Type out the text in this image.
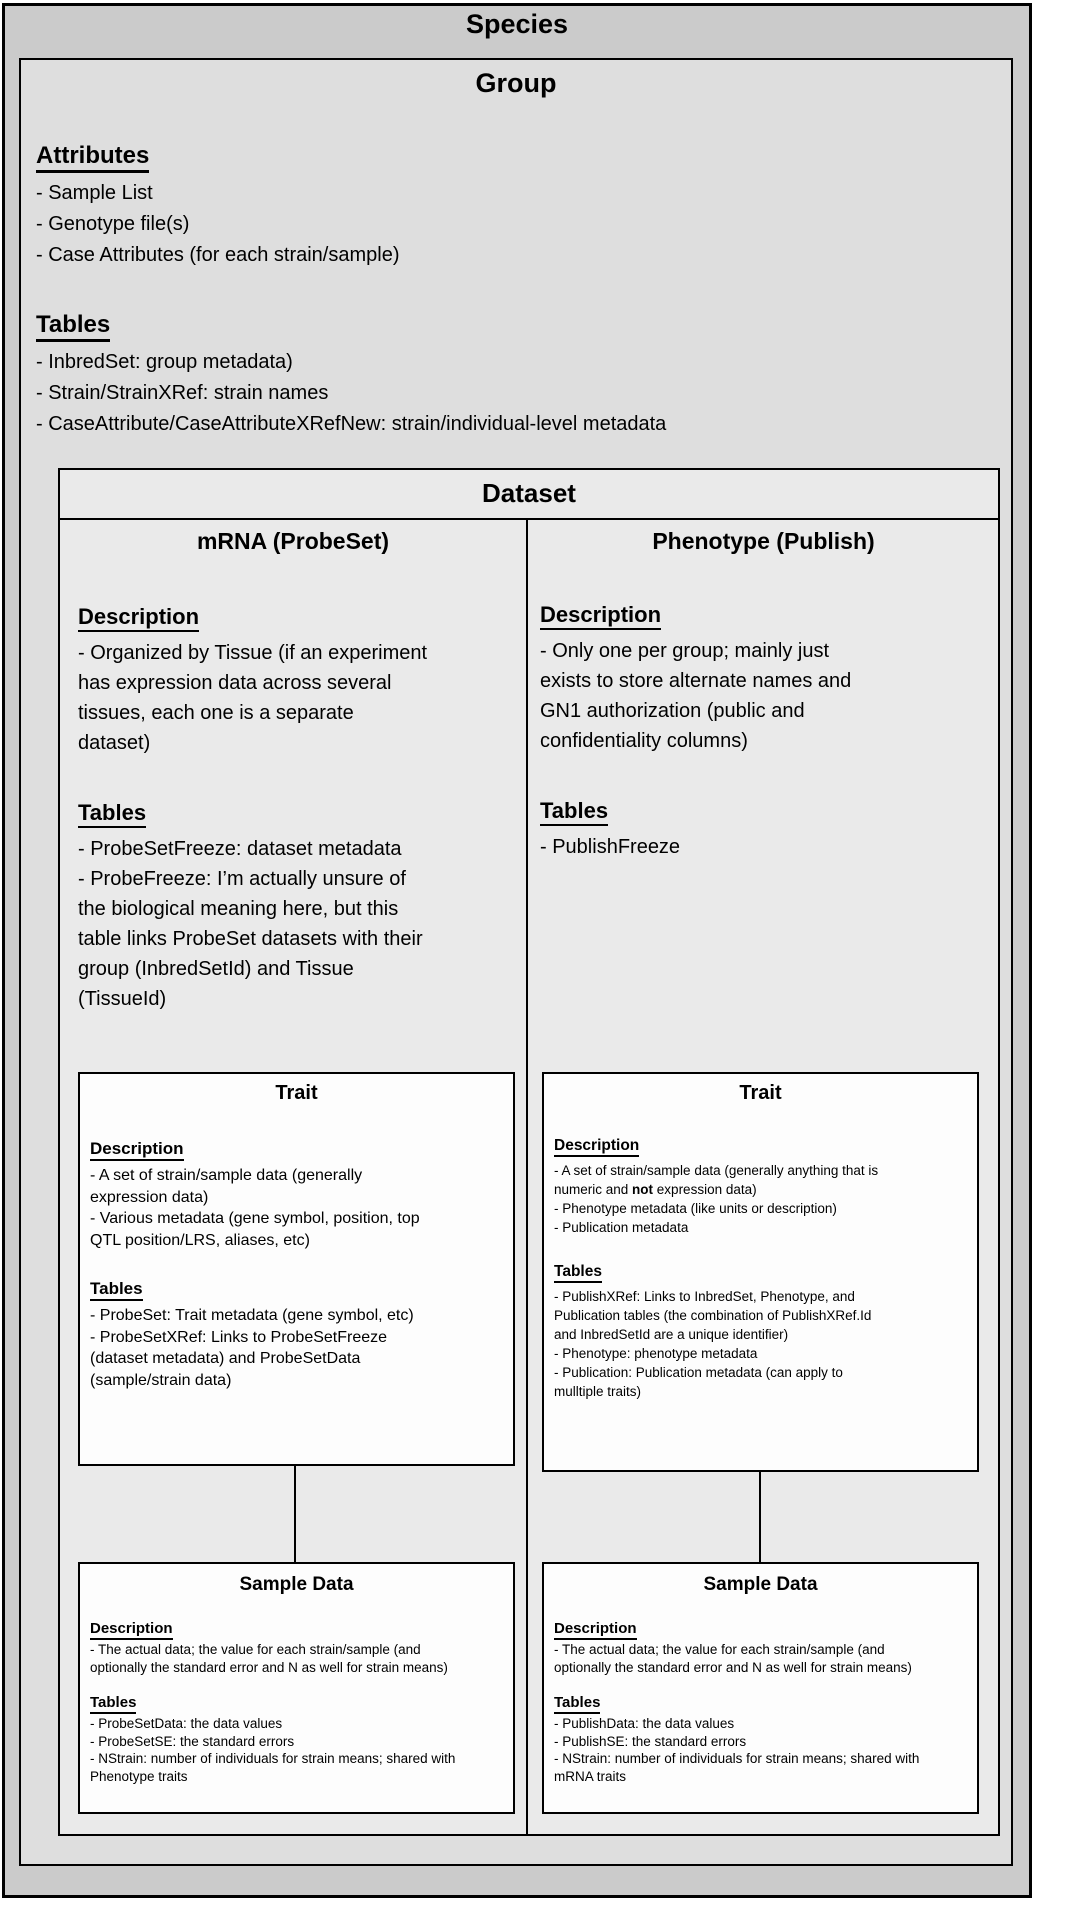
Species
Group
Dataset
mRNA (ProbeSet)	Phenotype (Publish)
Attributes
- Sample List
- Genotype file(s)
- Case Attributes (for each strain/sample)
Tables
- InbredSet: group metadata)
- Strain/StrainXRef: strain names
- CaseAttribute/CaseAttributeXRefNew: strain/individual-level metadata
Description
- Organized by Tissue (if an experiment has expression data across several tissues, each one is a separate dataset)
Tables
- ProbeSetFreeze: dataset metadata
- ProbeFreeze: I’m actually unsure of the biological meaning here, but this table links ProbeSet datasets with their group (InbredSetId) and Tissue (TissueId)
Description
- Only one per group; mainly just exists to store alternate names and GN1 authorization (public and confidentiality columns)
Tables
- PublishFreeze
Trait
Description
- A set of strain/sample data (generally expression data)
- Various metadata (gene symbol, position, top QTL position/LRS, aliases, etc)
Tables
- ProbeSet: Trait metadata (gene symbol, etc)
- ProbeSetXRef: Links to ProbeSetFreeze (dataset metadata) and ProbeSetData (sample/strain data)
Trait
Description
- A set of strain/sample data (generally anything that is numeric and not expression data)
- Phenotype metadata (like units or description)
- Publication metadata
Tables
- PublishXRef: Links to InbredSet, Phenotype, and Publication tables (the combination of PublishXRef.Id and InbredSetId are a unique identifier)
- Phenotype: phenotype metadata
- Publication: Publication metadata (can apply to mulltiple traits)
Sample Data
Description
- The actual data; the value for each strain/sample (and optionally the standard error and N as well for strain means)
Tables
- ProbeSetData: the data values
- ProbeSetSE: the standard errors
- NStrain: number of individuals for strain means; shared with Phenotype traits
Sample Data
Description
- The actual data; the value for each strain/sample (and optionally the standard error and N as well for strain means)
Tables
- PublishData: the data values
- PublishSE: the standard errors
- NStrain: number of individuals for strain means; shared with mRNA traits
